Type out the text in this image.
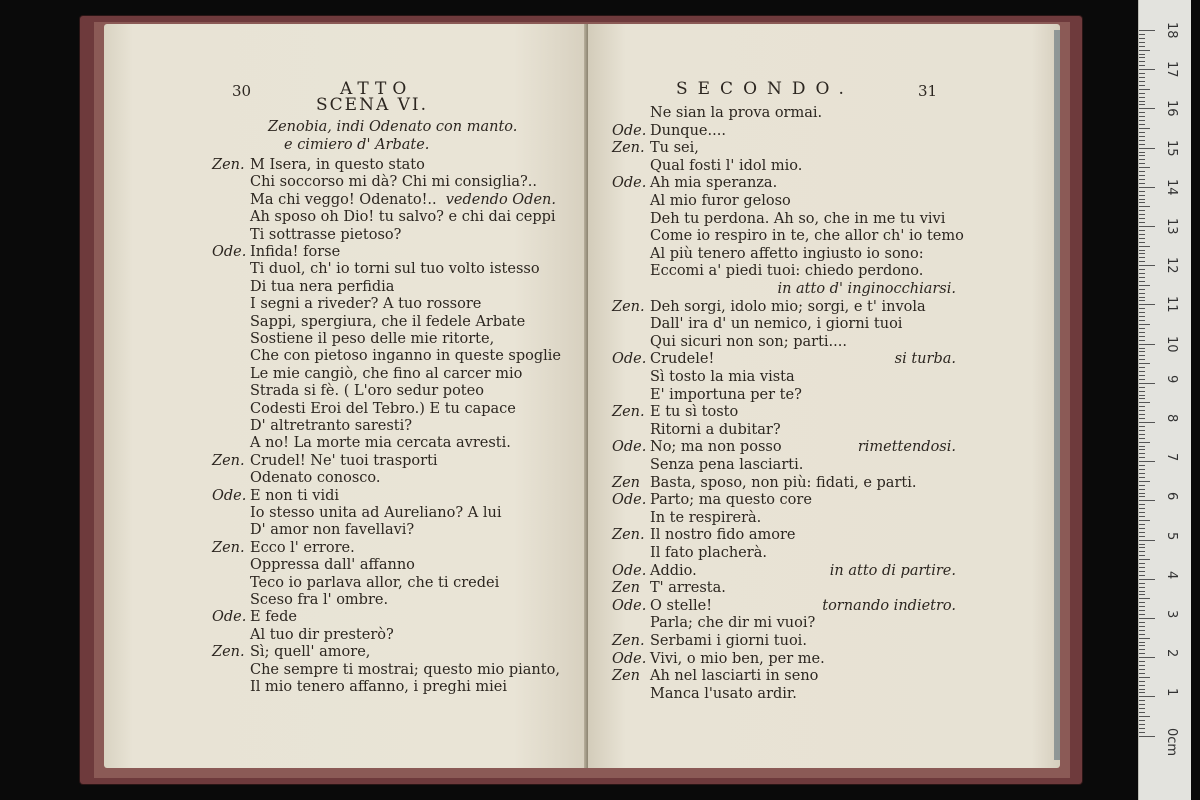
30	ATTO
SCENA VI.
Zenobia, indi Odenato con manto.
e cimiero d' Arbate.
Zen. M Isera, in questo stato
Chi soccorso mi dà? Chi mi consiglia?..
Ma chi veggo! Odenato!.. vedendo Oden.
Ah sposo oh Dio! tu salvo? e chi dai ceppi
Ti sottrasse pietoso?
Ode. Infida! forse
Ti duol, ch' io torni sul tuo volto istesso
Di tua nera perfidia
I segni a riveder? A tuo rossore
Sappi, spergiura, che il fedele Arbate
Sostiene il peso delle mie ritorte,
Che con pietoso inganno in queste spoglie
Le mie cangiò, che fino al carcer mio
Strada si fè. ( L'oro sedur poteo
Codesti Eroi del Tebro.) E tu capace
D' altretranto saresti?
A no! La morte mia cercata avresti.
Zen. Crudel! Ne' tuoi trasporti
Odenato conosco.
Ode. E non ti vidi
Io stesso unita ad Aureliano? A lui
D' amor non favellavi?
Zen. Ecco l' errore.
Oppressa dall' affanno
Teco io parlava allor, che ti credei
Sceso fra l' ombre.
Ode. E fede
Al tuo dir presterò?
Zen. Sì; quell' amore,
Che sempre ti mostrai; questo mio pianto,
Il mio tenero affanno, i preghi miei
SECONDO.	31
Ne sian la prova ormai.
Ode. Dunque....
Zen. Tu sei,
Qual fosti l' idol mio.
Ode. Ah mia speranza.
Al mio furor geloso
Deh tu perdona. Ah so, che in me tu vivi
Come io respiro in te, che allor ch' io temo
Al più tenero affetto ingiusto io sono:
Eccomi a' piedi tuoi: chiedo perdono.
in atto d' inginocchiarsi.
Zen. Deh sorgi, idolo mio; sorgi, e t' invola
Dall' ira d' un nemico, i giorni tuoi
Qui sicuri non son; parti....
Ode. Crudele!	si turba.
Sì tosto la mia vista
E' importuna per te?
Zen. E tu sì tosto
Ritorni a dubitar?
Ode. No; ma non posso	rimettendosi.
Senza pena lasciarti.
Zen Basta, sposo, non più: fidati, e parti.
Ode. Parto; ma questo core
In te respirerà.
Zen. Il nostro fido amore
Il fato placherà.
Ode. Addio.	in atto di partire.
Zen T' arresta.
Ode. O stelle!	tornando indietro.
Parla; che dir mi vuoi?
Zen. Serbami i giorni tuoi.
Ode. Vivi, o mio ben, per me.
Zen Ah nel lasciarti in seno
Manca l'usato ardir.
18
17
16
15
14
13
12
11
10
9
8
7
6
5
4
3
2
1
0cm
